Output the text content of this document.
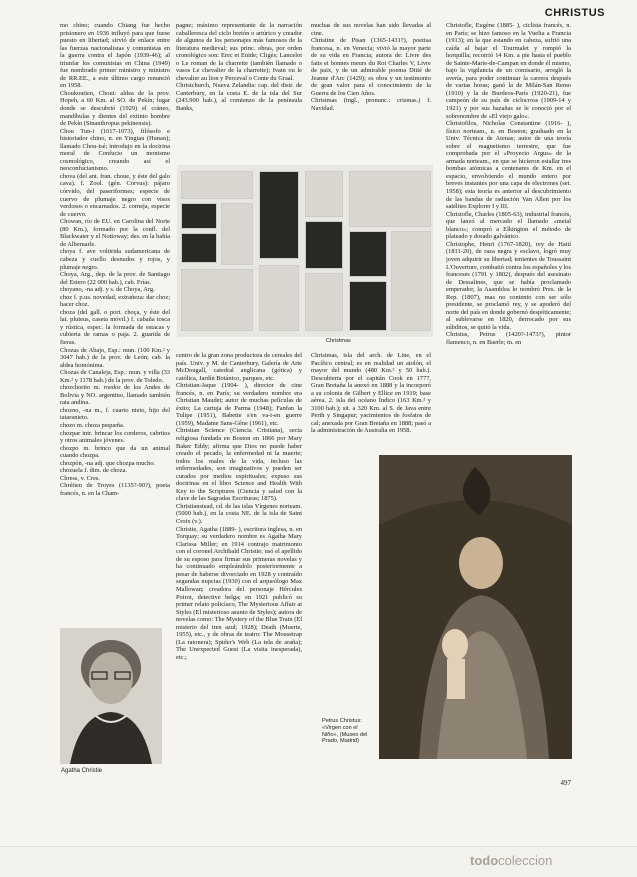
CHRISTUS

mo chino; cuando Chiang fue hecho prisionero en 1936 influyó para que fuese puesto en libertad; sirvió de enlace entre las fuerzas nacionalistas y comunistas en la guerra contra el Japón (1939-46); al triunfar los comunistas en China (1949) fue nombrado primer ministro y ministro de RR.EE., a este último cargo renunció en 1958.
Choukoutien, Choui: aldea de la prov. Hopeh, a 60 Km. al SO. de Pekín; lugar donde se descubrió (1929) el cráneo, mandíbulas y dientes del extinto hombre de Pekín (Sinanthropus pekinensis).
Chou Tun-i (1017-1073), filósofo e historiador chino, n. en Yingtau (Hunan); llamado Chou-tsé; introdujo en la doctrina moral de Confucio un monismo cosmológico, creando así el neoconfucianismo.
chova (del ant. fran. choue, y éste del galo cava). f. Zool. (gén. Corvus): pájaro córvido, del paseriformes; especie de cuervo de plumaje negro con visos verdosos o encarnados. 2. corneja, especie de cuervo.
Chowan, río de EU. en Carolina del Norte (80 Km.), formado por la confl. del Blackwater y el Nottoway; des. en la bahía de Albemarle.
choya f. ave voltirida sudamericana de cabeza y cuello desnudos y rojos, y plumaje negro.
Choya, Arg., dep. de la prov. de Santiago del Estero (22 000 hab.), cab. Frías.
choyano, -na adj. y s. de Choya, Arg.
choz f. p.us. novedad, extrañeza: dar choz; hacer choz.
choza (del gall. o port. choça, y éste del lat. pluteus, caseta móvil.) f. cabaña tosca y rústica, espec. la formada de estacas y cubierta de ramas o paja. 2. guarida de fieras.
Chozas de Abajo, Esp.: mun. (100 Km.² y 3047 hab.) de la prov. de León; cab. la aldea homónima.
Chozas de Canaleja, Esp.: mun. y villa (33 Km.² y 1178 hab.) de la prov. de Toledo.
chozchorito m. roedor de los Andes de Bolivia y NO. argentino, llamado también rata andina.
chozno, -na m., f. cuarto nieto, hijo del tataranieto.
chozo m. choza pequeña.
chozpar intr. brincar los corderos, cabritos y otros animales jóvenes.
chozpo m. brinco que da un animal cuando chozpa.
chozpón, -na adj. que chozpa mucho.
chozuela f. dim. de choza.
Chress, v. Cres.
Chrétien de Troyes (1135?-90?), poeta francés, n. en la Cham-

pagne; máximo representante de la narración caballeresca del ciclo bretón o artúrico y creador de algunos de los personajes más famosos de la literatura medieval; sus princ. obras, por orden cronológico son: Erec et Enide; Cligès; Lancelot o Le roman de la charrette (también llamado o vasos Le chevalier de la charrette); Ivain ou le chevalier au lion y Perceval o Conte du Graal.
Christchurch, Nueva Zelandia: cap. del distr. de Canterbury, en la costa E. de la isla del Sur (243.900 hab.), al comienzo de la península Banks,

muchas de sus novelas han sido llevadas al cine.
Christine de Pisan (1365-1431?), poetisa francesa, n. en Venecia; vivió la mayor parte de su vida en Francia; autora de: Livre des faits et bonnes meurs du Roi Charles V, Livre de paix, y de un admirable poema Ditié de Jeanne d'Arc (1429); es obra y un testimonio de gran valor para el conocimiento de la Guerra de los Cien Años.
Christmas (ingl., pronunc.: crismas.) f. Navidad.

Christmas

centro de la gran zona productora de cereales del país. Univ. y M. de Canterbury, Galería de Arte McDougall, catedral anglicana (gótica) y católica, Jardín Botánico, parques, etc.
Christian-Jaque (1904- ), director de cine francés, n. en París; su verdadero nombre era Christian Maudet; autor de muchas películas de éxito; La cartuja de Parma (1948); Fanfan la Tulipe (1951), Babette s'en va-t-en guerre (1959), Madame Sans-Gêne (1961), etc.
Christian Science (Ciencia Cristiana), secta religiosa fundada en Boston en 1866 por Mary Baker Eddy; afirma que Dios no puede haber creado el pecado, la enfermedad ni la muerte; todos los males de la vida, incluso las enfermedades, son imaginativos y pueden ser curados por medios espirituales; expuso sus doctrinas en el libro Science and Health With Key to the Scriptures (Ciencia y salud con la clave de las Sagradas Escrituras; 1875).
Christianstead, cd. de las islas Vírgenes norteam. (5000 hab.), en la costa NE. de la isla de Saint Croix (v.).
Christie, Agatha (1889- ), escritora inglesa, n. en Torquay; su verdadero nombre es Agatha Mary Clarissa Miller; en 1914 contrajo matrimonio con el coronel Archibald Christie; usó el apellido de su esposo para firmar sus primeras novelas y ha continuado empleándolo posteriormente a pesar de haberse divorciado en 1928 y contraído segundas nupcias (1930) con el arqueólogo Max Mallowan; creadora del personaje Hércules Poirot, detective belga; en 1921 publicó su primer relato policíaco, The Mysterious Affair at Styles (El misterioso asunto de Styles); autora de novelas como: The Mystery of the Blue Train (El misterio del tren azul; 1928); Death (Muerte, 1955), etc., y de obras de teatro: The Mousetrap (La ratonera); Spider's Web (La tela de araña); The Unexpected Guest (La visita inesperada), etc.;

Christmas, isla del arch. de Line, en el Pacífico central; es en realidad un atolón, el mayor del mundo (480 Km.² y 50 hab.). Descubierta por el capitán Cook en 1777, Gran Bretaña la anexó en 1888 y la incorporó a su colonia de Gilbert y Ellice en 1919; base aérea. 2. isla del océano Índico (163 Km.² y 3100 hab.); sit. a 320 Km. al S. de Java entre Perth y Singapur; yacimientos de fosfatos de cal; anexada por Gran Bretaña en 1888; pasó a la administración de Australia en 1958.

Christofle, Eugène (1885- ), ciclista francés, n. en París; se hizo famoso en la Vuelta a Francia (1913); en la que estando en cabeza, sufrió una caída al bajar el Tourmalet y rompió la horquilla; recorrió 14 Km. a pie hasta el pueblo de Sainte-Marie-de-Campan en donde él mismo, bajo la vigilancia de un comisario, arregló la avería, para poder continuar la carrera después de varias horas; ganó la de Milán-San Remo (1910) y la de Burdeos-París (1920-21), fue campeón de su país de ciclocross (1909-14 y 1921) y por sus hazañas se le conoció por el sobrenombre de «El viejo galo».
Christofilos, Nicholas Constantine (1916- ), físico norteam., n. en Boston; graduado en la Univ. Técnica de Atenas; autor de una teoría sobre el magnetismo terrestre, que fue comprobada por el «Proyecto Argus» de la armada norteam., en que se hicieron estallar tres bombas atómicas a centenares de Km. en el espacio, envolviendo el mundo entero por breves instantes por una capa de electrones (set. 1958); esta teoría es anterior al descubrimiento de las bandas de radiación Van Allen por los satélites Explorer I y III.
Christofle, Charles (1805-63), industrial francés, que lanzó al mercado el llamado «metal blanco»; compró a Elkington el método de plateado y dorado galvánico.
Christophe, Henri (1767-1820), rey de Haití (1811-20), de raza negra y esclavo, logró muy joven adquirir su libertad; tenientes de Toussaint L'Ouverture, combatió contra los españoles y los franceses (1791 y 1802), después del asesinato de Dessalines, que se había proclamado emperador, la Asamblea lo nombró Pres. de la Rep. (1807), mas no contento con ser sólo presidente, se proclamó rey, y se apoderó del norte del país en donde gobernó despóticamente; al sublevarse en 1820, derrocado por sus súbditos, se quitó la vida.
Christus, Petrus (1420?-1473?), pintor flamenco, n. en Baerle; m. en

Agatha Christie
Petrus Christus: «Virgen con el Niño», (Museo del Prado, Madrid)
497
todocoleccion
